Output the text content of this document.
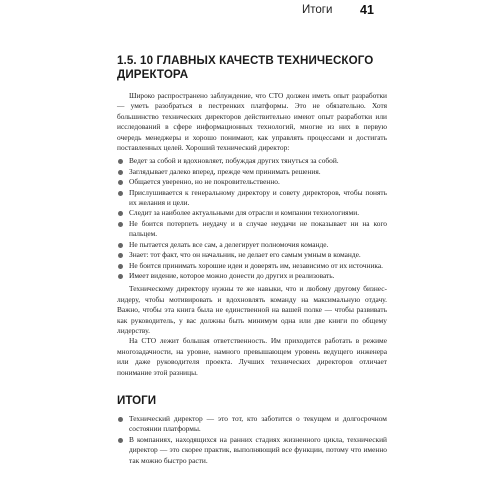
Итоги 41
1.5. 10 ГЛАВНЫХ КАЧЕСТВ ТЕХНИЧЕСКОГО ДИРЕКТОРА

Широко распространено заблуждение, что СТО должен иметь опыт разработки — уметь разобраться в пестренких платформы. Это не обязательно. Хотя большинство технических директоров действительно имеют опыт разработки или исследований в сфере информационных технологий, многие из них в первую очередь менеджеры и хорошо понимают, как управлять процессами и достигать поставленных целей. Хороший технический директор:

Ведет за собой и вдохновляет, побуждая других тянуться за собой.
Заглядывает далеко вперед, прежде чем принимать решения.
Общается уверенно, но не покровительственно.
Прислушивается к генеральному директору и совету директоров, чтобы понять их желания и цели.
Следит за наиболее актуальными для отрасли и компании технологиями.
Не боится потерпеть неудачу и в случае неудачи не показывает ни на кого пальцем.
Не пытается делать все сам, а делегирует полномочия команде.
Знает: тот факт, что он начальник, не делает его самым умным в команде.
Не боится принимать хорошие идеи и доверять им, независимо от их источника.
Имеет видение, которое можно донести до других и реализовать.

Техническому директору нужны те же навыки, что и любому другому бизнес-лидеру, чтобы мотивировать и вдохновлять команду на максимальную отдачу. Важно, чтобы эта книга была не единственной на вашей полке — чтобы развивать как руководитель, у вас должны быть минимум одна или две книги по общему лидерству.

На СТО лежит большая ответственность. Им приходится работать в режиме многозадачности, на уровне, намного превышающем уровень ведущего инженера или даже руководителя проекта. Лучших технических директоров отличает понимание этой разницы.

ИТОГИ
Технический директор — это тот, кто заботится о текущем и долгосрочном состоянии платформы.
В компаниях, находящихся на ранних стадиях жизненного цикла, технический директор — это скорее практик, выполняющий все функции, потому что именно так можно быстро расти.
